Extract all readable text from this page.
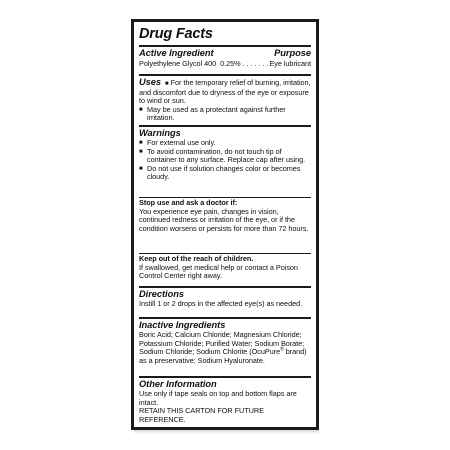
Drug Facts
Active Ingredient	Purpose
Polyethylene Glycol 400 0.25% . . . . . . . Eye lubricant
Uses ■ For the temporary relief of burning, irritation, and discomfort due to dryness of the eye or exposure to wind or sun.
■ May be used as a protectant against further irritation.
Warnings
■ For external use only.
■ To avoid contamination, do not touch tip of container to any surface. Replace cap after using.
■ Do not use if solution changes color or becomes cloudy.
Stop use and ask a doctor if:
You experience eye pain, changes in vision, continued redness or irritation of the eye, or if the condition worsens or persists for more than 72 hours.
Keep out of the reach of children.
If swallowed, get medical help or contact a Poison Control Center right away.
Directions
Instill 1 or 2 drops in the affected eye(s) as needed.
Inactive Ingredients
Boric Acid; Calcium Chloride; Magnesium Chloride; Potassium Chloride; Purified Water; Sodium Borate; Sodium Chloride; Sodium Chlorite (OcuPure® brand) as a preservative; Sodium Hyaluronate.
Other Information
Use only if tape seals on top and bottom flaps are intact.
RETAIN THIS CARTON FOR FUTURE REFERENCE.
